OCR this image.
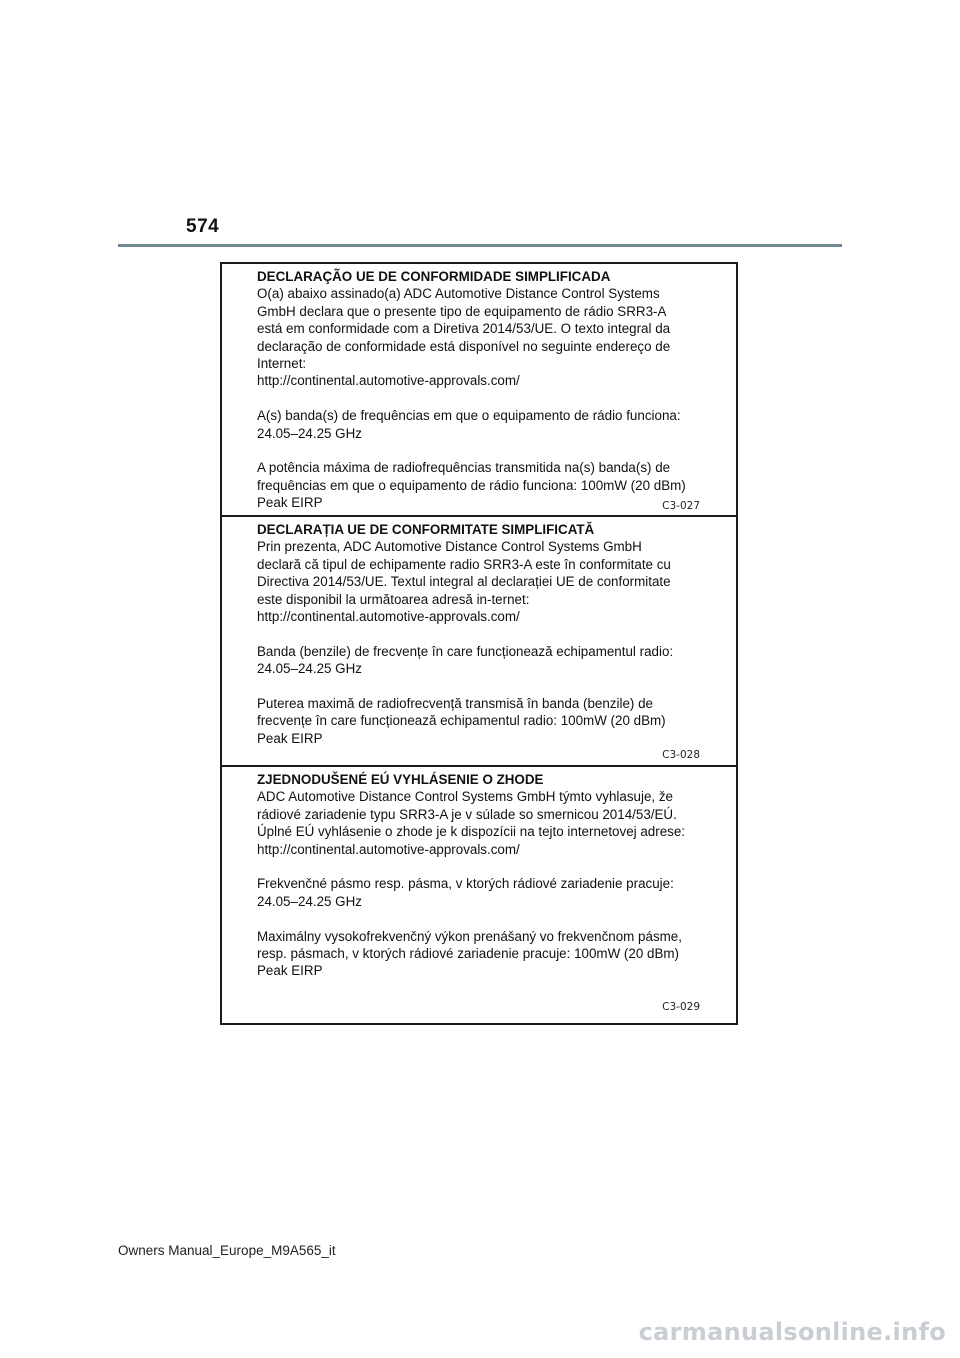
574

DECLARAÇÃO UE DE CONFORMIDADE SIMPLIFICADA
O(a) abaixo assinado(a) ADC Automotive Distance Control Systems
GmbH declara que o presente tipo de equipamento de rádio SRR3-A
está em conformidade com a Diretiva 2014/53/UE. O texto integral da
declaração de conformidade está disponível no seguinte endereço de
Internet:
http://continental.automotive-approvals.com/

A(s) banda(s) de frequências em que o equipamento de rádio funciona:
24.05–24.25 GHz

A potência máxima de radiofrequências transmitida na(s) banda(s) de
frequências em que o equipamento de rádio funciona: 100mW (20 dBm)
Peak EIRP	C3-027

DECLARAȚIA UE DE CONFORMITATE SIMPLIFICATĂ
Prin prezenta, ADC Automotive Distance Control Systems GmbH
declară că tipul de echipamente radio SRR3-A este în conformitate cu
Directiva 2014/53/UE. Textul integral al declarației UE de conformitate
este disponibil la următoarea adresă in-ternet:
http://continental.automotive-approvals.com/

Banda (benzile) de frecvențe în care funcționează echipamentul radio:
24.05–24.25 GHz

Puterea maximă de radiofrecvență transmisă în banda (benzile) de
frecvențe în care funcționează echipamentul radio: 100mW (20 dBm)
Peak EIRP

C3-028

ZJEDNODUŠENÉ EÚ VYHLÁSENIE O ZHODE
ADC Automotive Distance Control Systems GmbH týmto vyhlasuje, že
rádiové zariadenie typu SRR3-A je v súlade so smernicou 2014/53/EÚ.
Úplné EÚ vyhlásenie o zhode je k dispozícii na tejto internetovej adrese:
http://continental.automotive-approvals.com/

Frekvenčné pásmo resp. pásma, v ktorých rádiové zariadenie pracuje:
24.05–24.25 GHz

Maximálny vysokofrekvenčný výkon prenášaný vo frekvenčnom pásme,
resp. pásmach, v ktorých rádiové zariadenie pracuje: 100mW (20 dBm)
Peak EIRP

C3-029
Owners Manual_Europe_M9A565_it
carmanualsonline.info
